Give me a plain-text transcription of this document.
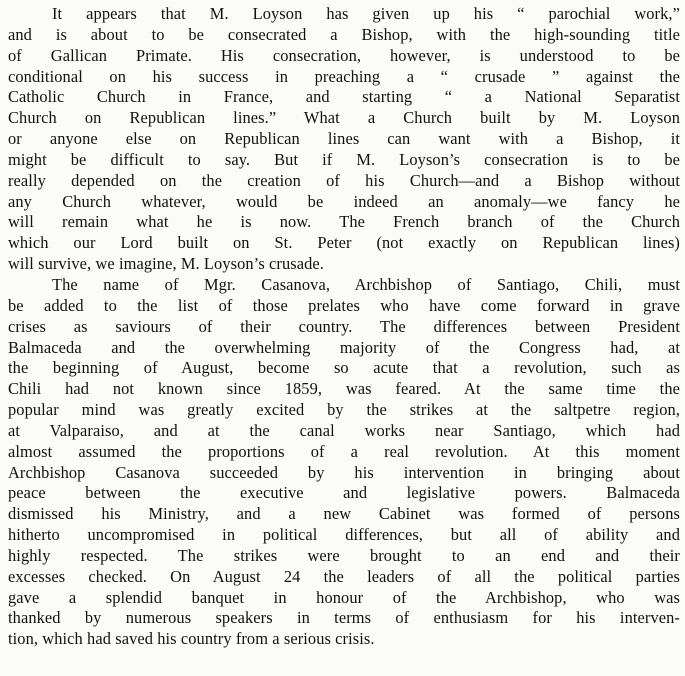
It appears that M. Loyson has given up his “ parochial work,”
and is about to be consecrated a Bishop, with the high-sounding title
of Gallican Primate. His consecration, however, is understood to be
conditional on his success in preaching a “ crusade ” against the
Catholic Church in France, and starting “ a National Separatist
Church on Republican lines.” What a Church built by M. Loyson
or anyone else on Republican lines can want with a Bishop, it
might be difficult to say. But if M. Loyson’s consecration is to be
really depended on the creation of his Church—and a Bishop without
any Church whatever, would be indeed an anomaly—we fancy he
will remain what he is now. The French branch of the Church
which our Lord built on St. Peter (not exactly on Republican lines)
will survive, we imagine, M. Loyson’s crusade.

The name of Mgr. Casanova, Archbishop of Santiago, Chili, must
be added to the list of those prelates who have come forward in grave
crises as saviours of their country. The differences between President
Balmaceda and the overwhelming majority of the Congress had, at
the beginning of August, become so acute that a revolution, such as
Chili had not known since 1859, was feared. At the same time the
popular mind was greatly excited by the strikes at the saltpetre region,
at Valparaiso, and at the canal works near Santiago, which had
almost assumed the proportions of a real revolution. At this moment
Archbishop Casanova succeeded by his intervention in bringing about
peace between the executive and legislative powers. Balmaceda
dismissed his Ministry, and a new Cabinet was formed of persons
hitherto uncompromised in political differences, but all of ability and
highly respected. The strikes were brought to an end and their
excesses checked. On August 24 the leaders of all the political parties
gave a splendid banquet in honour of the Archbishop, who was
thanked by numerous speakers in terms of enthusiasm for his interven-
tion, which had saved his country from a serious crisis.
